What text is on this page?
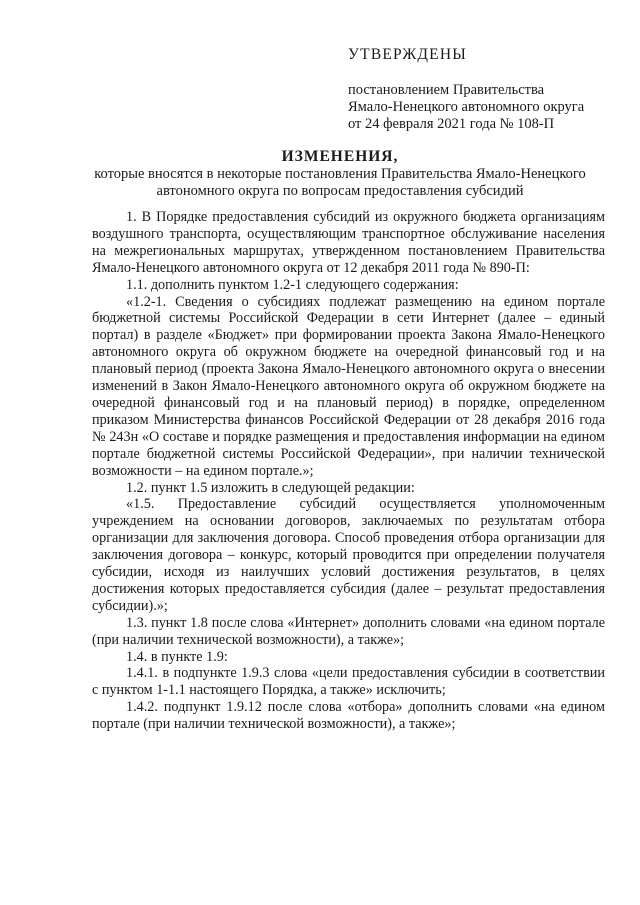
УТВЕРЖДЕНЫ
постановлением Правительства
Ямало-Ненецкого автономного округа
от 24 февраля 2021 года № 108-П
ИЗМЕНЕНИЯ,
которые вносятся в некоторые постановления Правительства Ямало-Ненецкого
автономного округа по вопросам предоставления субсидий

1. В Порядке предоставления субсидий из окружного бюджета организациям воздушного транспорта, осуществляющим транспортное обслуживание населения на межрегиональных маршрутах, утвержденном постановлением Правительства Ямало-Ненецкого автономного округа от 12 декабря 2011 года № 890-П:

1.1. дополнить пунктом 1.2-1 следующего содержания:

«1.2-1. Сведения о субсидиях подлежат размещению на едином портале бюджетной системы Российской Федерации в сети Интернет (далее – единый портал) в разделе «Бюджет» при формировании проекта Закона Ямало-Ненецкого автономного округа об окружном бюджете на очередной финансовый год и на плановый период (проекта Закона Ямало-Ненецкого автономного округа о внесении изменений в Закон Ямало-Ненецкого автономного округа об окружном бюджете на очередной финансовый год и на плановый период) в порядке, определенном приказом Министерства финансов Российской Федерации от 28 декабря 2016 года № 243н «О составе и порядке размещения и предоставления информации на едином портале бюджетной системы Российской Федерации», при наличии технической возможности – на едином портале.»;

1.2. пункт 1.5 изложить в следующей редакции:

«1.5. Предоставление субсидий осуществляется уполномоченным учреждением на основании договоров, заключаемых по результатам отбора организации для заключения договора. Способ проведения отбора организации для заключения договора – конкурс, который проводится при определении получателя субсидии, исходя из наилучших условий достижения результатов, в целях достижения которых предоставляется субсидия (далее – результат предоставления субсидии).»;

1.3. пункт 1.8 после слова «Интернет» дополнить словами «на едином портале (при наличии технической возможности), а также»;

1.4. в пункте 1.9:

1.4.1. в подпункте 1.9.3 слова «цели предоставления субсидии в соответствии с пунктом 1-1.1 настоящего Порядка, а также» исключить;

1.4.2. подпункт 1.9.12 после слова «отбора» дополнить словами «на едином портале (при наличии технической возможности), а также»;
